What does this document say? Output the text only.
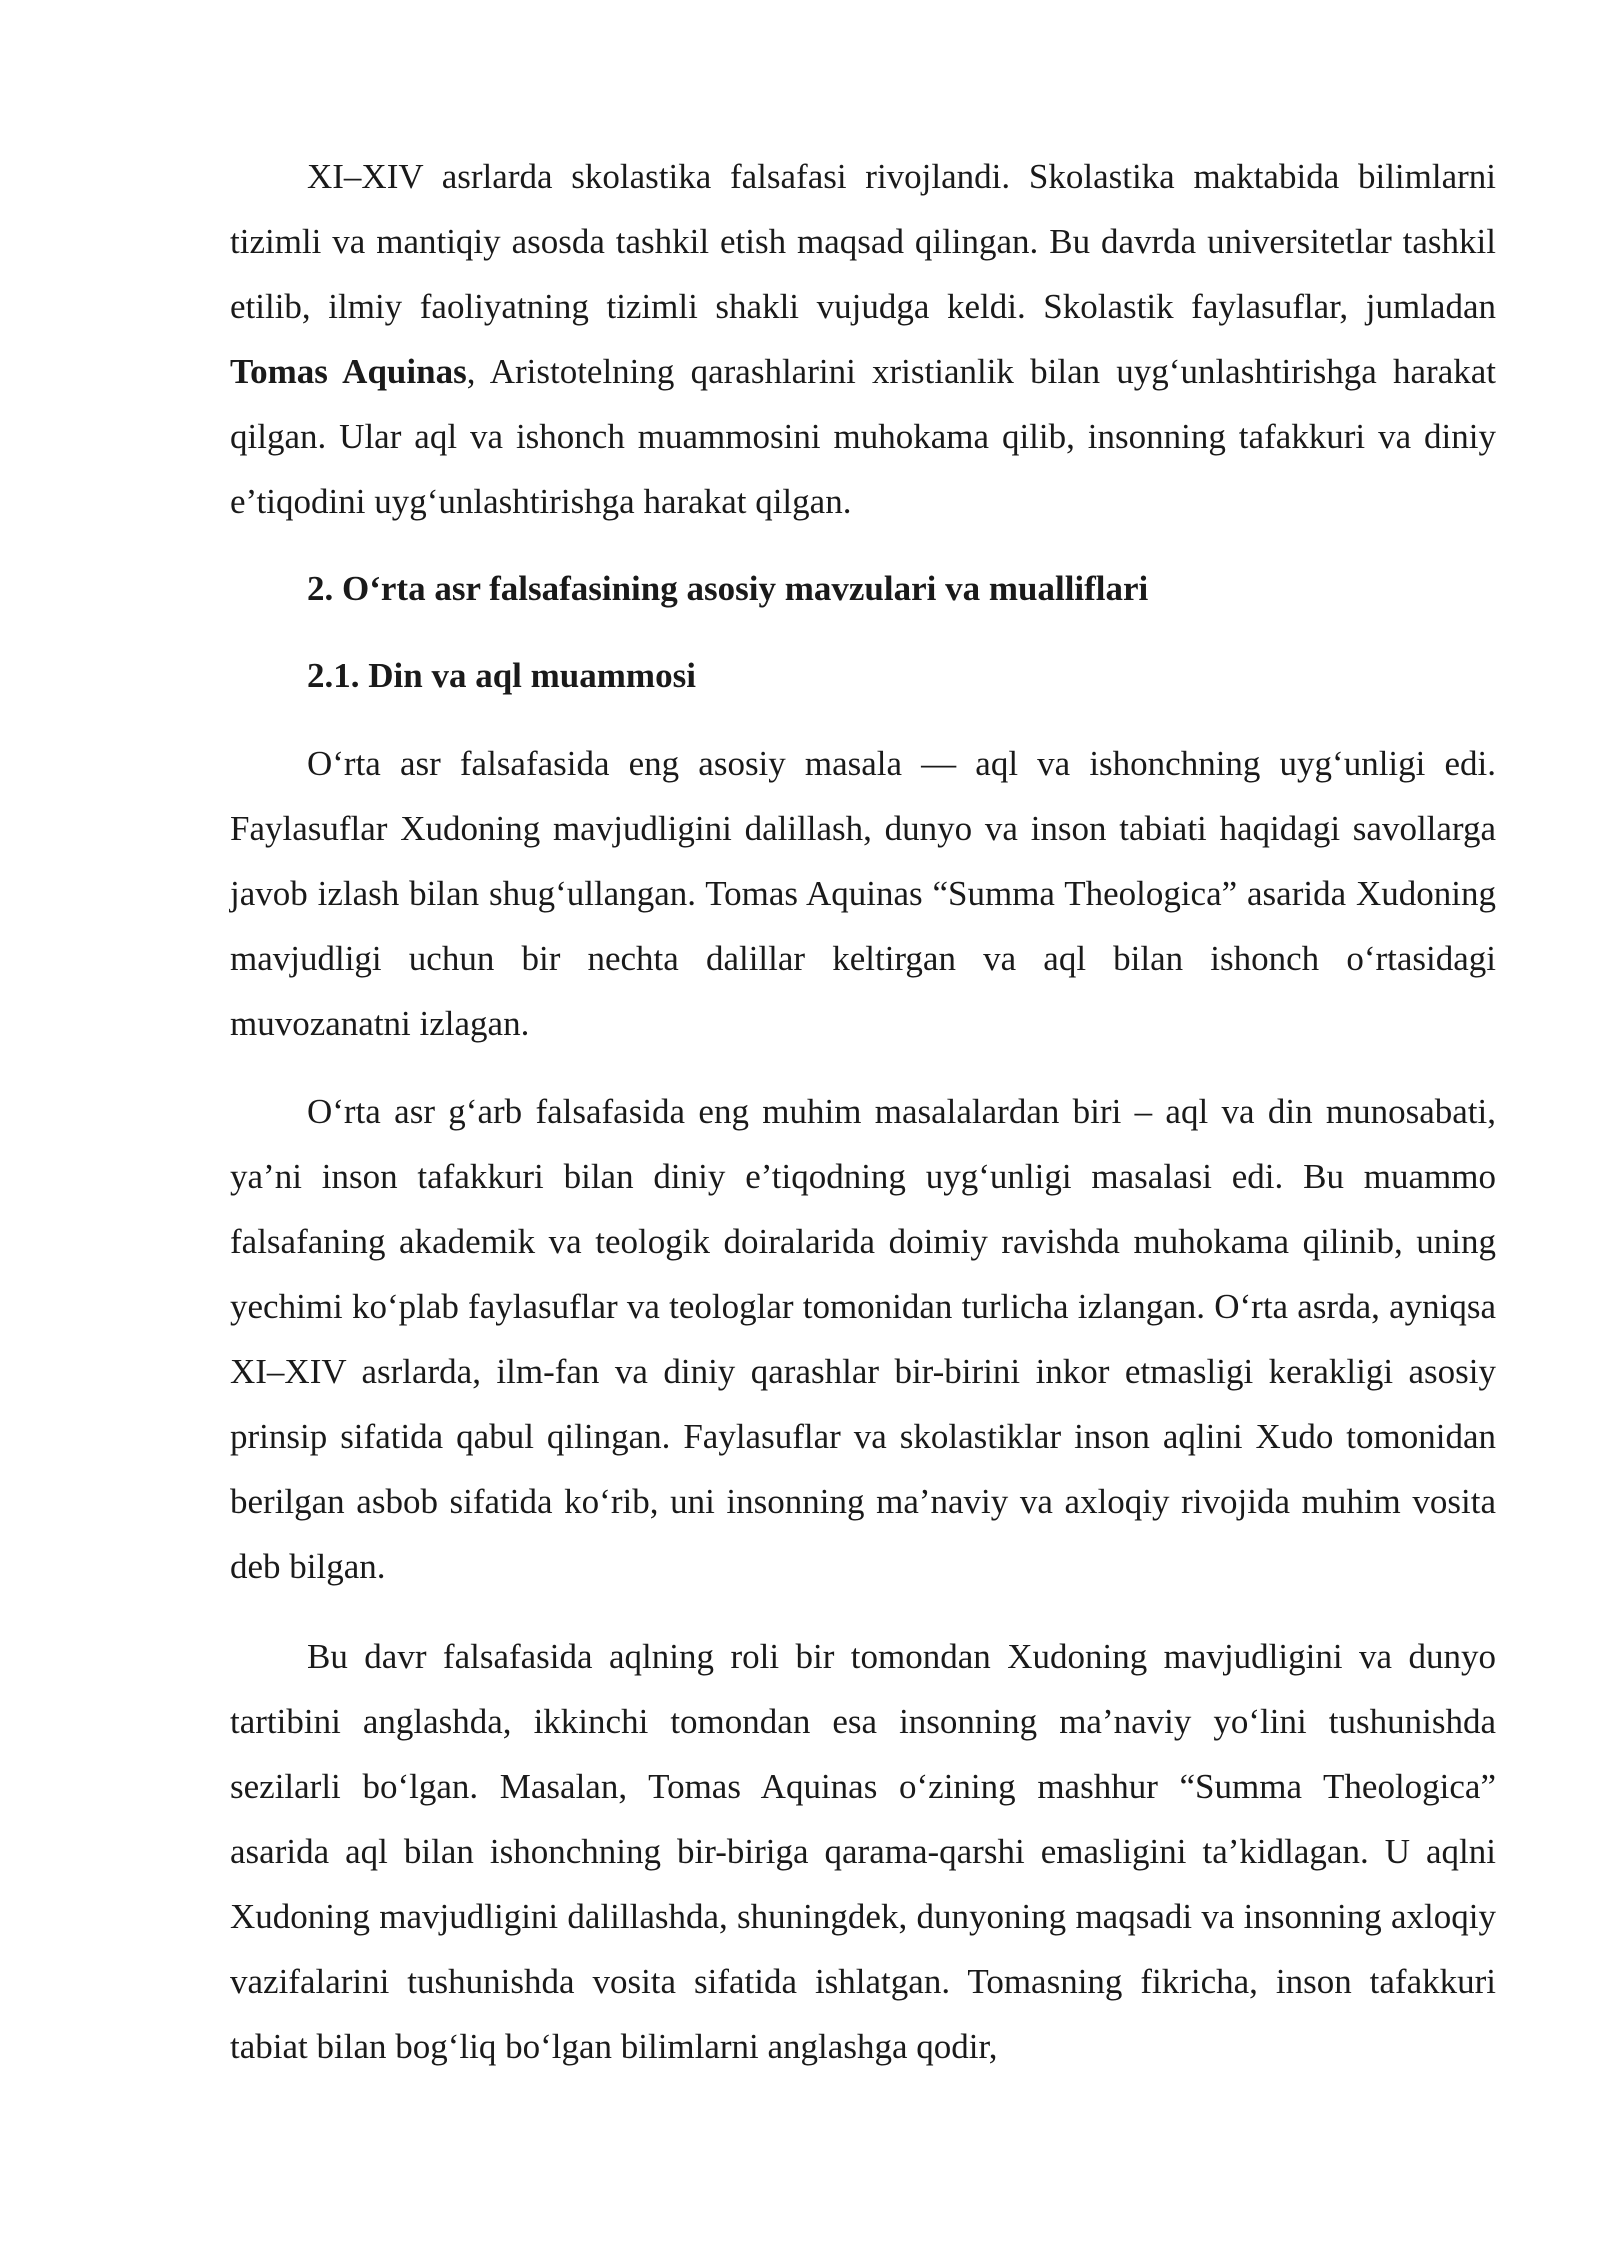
XI–XIV asrlarda skolastika falsafasi rivojlandi. Skolastika maktabida bilimlarni tizimli va mantiqiy asosda tashkil etish maqsad qilingan. Bu davrda universitetlar tashkil etilib, ilmiy faoliyatning tizimli shakli vujudga keldi. Skolastik faylasuflar, jumladan Tomas Aquinas, Aristotelning qarashlarini xristianlik bilan uyg‘unlashtirishga harakat qilgan. Ular aql va ishonch muammosini muhokama qilib, insonning tafakkuri va diniy e’tiqodini uyg‘unlashtirishga harakat qilgan.

2. O‘rta asr falsafasining asosiy mavzulari va mualliflari
2.1. Din va aql muammosi

O‘rta asr falsafasida eng asosiy masala — aql va ishonchning uyg‘unligi edi. Faylasuflar Xudoning mavjudligini dalillash, dunyo va inson tabiati haqidagi savollarga javob izlash bilan shug‘ullangan. Tomas Aquinas “Summa Theologica” asarida Xudoning mavjudligi uchun bir nechta dalillar keltirgan va aql bilan ishonch o‘rtasidagi muvozanatni izlagan.

O‘rta asr g‘arb falsafasida eng muhim masalalardan biri – aql va din munosabati, ya’ni inson tafakkuri bilan diniy e’tiqodning uyg‘unligi masalasi edi. Bu muammo falsafaning akademik va teologik doiralarida doimiy ravishda muhokama qilinib, uning yechimi ko‘plab faylasuflar va teologlar tomonidan turlicha izlangan. O‘rta asrda, ayniqsa XI–XIV asrlarda, ilm-fan va diniy qarashlar bir-birini inkor etmasligi kerakligi asosiy prinsip sifatida qabul qilingan. Faylasuflar va skolastiklar inson aqlini Xudo tomonidan berilgan asbob sifatida ko‘rib, uni insonning ma’naviy va axloqiy rivojida muhim vosita deb bilgan.

Bu davr falsafasida aqlning roli bir tomondan Xudoning mavjudligini va dunyo tartibini anglashda, ikkinchi tomondan esa insonning ma’naviy yo‘lini tushunishda sezilarli bo‘lgan. Masalan, Tomas Aquinas o‘zining mashhur “Summa Theologica” asarida aql bilan ishonchning bir-biriga qarama-qarshi emasligini ta’kidlagan. U aqlni Xudoning mavjudligini dalillashda, shuningdek, dunyoning maqsadi va insonning axloqiy vazifalarini tushunishda vosita sifatida ishlatgan. Tomasning fikricha, inson tafakkuri tabiat bilan bog‘liq bo‘lgan bilimlarni anglashga qodir,
